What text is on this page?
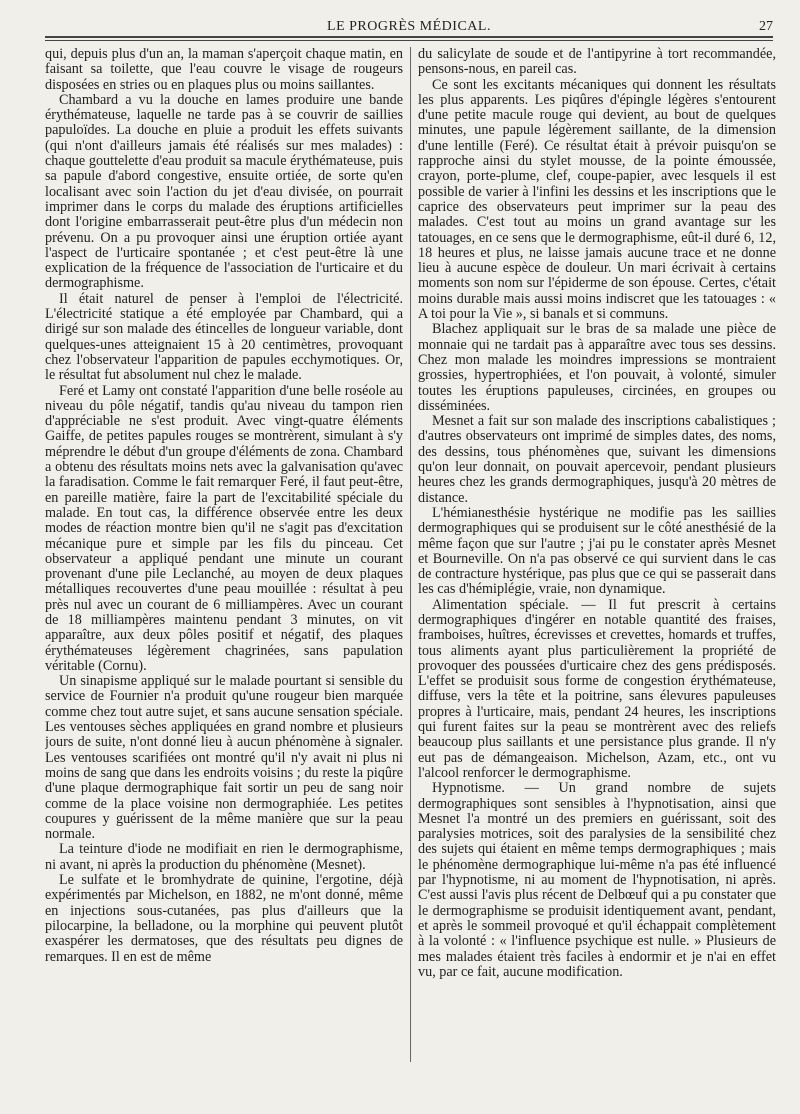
LE PROGRÈS MÉDICAL.	27

qui, depuis plus d'un an, la maman s'aperçoit chaque matin, en faisant sa toilette, que l'eau couvre le visage de rougeurs disposées en stries ou en plaques plus ou moins saillantes.

Chambard a vu la douche en lames produire une bande érythémateuse, laquelle ne tarde pas à se couvrir de saillies papuloïdes. La douche en pluie a produit les effets suivants (qui n'ont d'ailleurs jamais été réalisés sur mes malades) : chaque gouttelette d'eau produit sa macule érythémateuse, puis sa papule d'abord congestive, ensuite ortiée, de sorte qu'en localisant avec soin l'action du jet d'eau divisée, on pourrait imprimer dans le corps du malade des éruptions artificielles dont l'origine embarrasserait peut-être plus d'un médecin non prévenu. On a pu provoquer ainsi une éruption ortiée ayant l'aspect de l'urticaire spontanée ; et c'est peut-être là une explication de la fréquence de l'association de l'urticaire et du dermographisme.

Il était naturel de penser à l'emploi de l'électricité. L'électricité statique a été employée par Chambard, qui a dirigé sur son malade des étincelles de longueur variable, dont quelques-unes atteignaient 15 à 20 centimètres, provoquant chez l'observateur l'apparition de papules ecchymotiques. Or, le résultat fut absolument nul chez le malade.

Feré et Lamy ont constaté l'apparition d'une belle roséole au niveau du pôle négatif, tandis qu'au niveau du tampon rien d'appréciable ne s'est produit. Avec vingt-quatre éléments Gaiffe, de petites papules rouges se montrèrent, simulant à s'y méprendre le début d'un groupe d'éléments de zona. Chambard a obtenu des résultats moins nets avec la galvanisation qu'avec la faradisation. Comme le fait remarquer Feré, il faut peut-être, en pareille matière, faire la part de l'excitabilité spéciale du malade. En tout cas, la différence observée entre les deux modes de réaction montre bien qu'il ne s'agit pas d'excitation mécanique pure et simple par les fils du pinceau. Cet observateur a appliqué pendant une minute un courant provenant d'une pile Leclanché, au moyen de deux plaques métalliques recouvertes d'une peau mouillée : résultat à peu près nul avec un courant de 6 milliampères. Avec un courant de 18 milliampères maintenu pendant 3 minutes, on vit apparaître, aux deux pôles positif et négatif, des plaques érythémateuses légèrement chagrinées, sans papulation véritable (Cornu).

Un sinapisme appliqué sur le malade pourtant si sensible du service de Fournier n'a produit qu'une rougeur bien marquée comme chez tout autre sujet, et sans aucune sensation spéciale. Les ventouses sèches appliquées en grand nombre et plusieurs jours de suite, n'ont donné lieu à aucun phénomène à signaler. Les ventouses scarifiées ont montré qu'il n'y avait ni plus ni moins de sang que dans les endroits voisins ; du reste la piqûre d'une plaque dermographique fait sortir un peu de sang noir comme de la place voisine non dermographiée. Les petites coupures y guérissent de la même manière que sur la peau normale.

La teinture d'iode ne modifiait en rien le dermographisme, ni avant, ni après la production du phénomène (Mesnet).

Le sulfate et le bromhydrate de quinine, l'ergotine, déjà expérimentés par Michelson, en 1882, ne m'ont donné, même en injections sous-cutanées, pas plus d'ailleurs que la pilocarpine, la belladone, ou la morphine qui peuvent plutôt exaspérer les dermatoses, que des résultats peu dignes de remarques. Il en est de même

du salicylate de soude et de l'antipyrine à tort recommandée, pensons-nous, en pareil cas.

Ce sont les excitants mécaniques qui donnent les résultats les plus apparents. Les piqûres d'épingle légères s'entourent d'une petite macule rouge qui devient, au bout de quelques minutes, une papule légèrement saillante, de la dimension d'une lentille (Feré). Ce résultat était à prévoir puisqu'on se rapproche ainsi du stylet mousse, de la pointe émoussée, crayon, porte-plume, clef, coupe-papier, avec lesquels il est possible de varier à l'infini les dessins et les inscriptions que le caprice des observateurs peut imprimer sur la peau des malades. C'est tout au moins un grand avantage sur les tatouages, en ce sens que le dermographisme, eût-il duré 6, 12, 18 heures et plus, ne laisse jamais aucune trace et ne donne lieu à aucune espèce de douleur. Un mari écrivait à certains moments son nom sur l'épiderme de son épouse. Certes, c'était moins durable mais aussi moins indiscret que les tatouages : « A toi pour la Vie », si banals et si communs.

Blachez appliquait sur le bras de sa malade une pièce de monnaie qui ne tardait pas à apparaître avec tous ses dessins. Chez mon malade les moindres impressions se montraient grossies, hypertrophiées, et l'on pouvait, à volonté, simuler toutes les éruptions papuleuses, circinées, en groupes ou disséminées.

Mesnet a fait sur son malade des inscriptions cabalistiques ; d'autres observateurs ont imprimé de simples dates, des noms, des dessins, tous phénomènes que, suivant les dimensions qu'on leur donnait, on pouvait apercevoir, pendant plusieurs heures chez les grands dermographiques, jusqu'à 20 mètres de distance.

L'hémianesthésie hystérique ne modifie pas les saillies dermographiques qui se produisent sur le côté anesthésié de la même façon que sur l'autre ; j'ai pu le constater après Mesnet et Bourneville. On n'a pas observé ce qui survient dans le cas de contracture hystérique, pas plus que ce qui se passerait dans les cas d'hémiplégie, vraie, non dynamique.

Alimentation spéciale. — Il fut prescrit à certains dermographiques d'ingérer en notable quantité des fraises, framboises, huîtres, écrevisses et crevettes, homards et truffes, tous aliments ayant plus particulièrement la propriété de provoquer des poussées d'urticaire chez des gens prédisposés. L'effet se produisit sous forme de congestion érythémateuse, diffuse, vers la tête et la poitrine, sans élevures papuleuses propres à l'urticaire, mais, pendant 24 heures, les inscriptions qui furent faites sur la peau se montrèrent avec des reliefs beaucoup plus saillants et une persistance plus grande. Il n'y eut pas de démangeaison. Michelson, Azam, etc., ont vu l'alcool renforcer le dermographisme.

Hypnotisme. — Un grand nombre de sujets dermographiques sont sensibles à l'hypnotisation, ainsi que Mesnet l'a montré un des premiers en guérissant, soit des paralysies motrices, soit des paralysies de la sensibilité chez des sujets qui étaient en même temps dermographiques ; mais le phénomène dermographique lui-même n'a pas été influencé par l'hypnotisme, ni au moment de l'hypnotisation, ni après. C'est aussi l'avis plus récent de Delbœuf qui a pu constater que le dermographisme se produisit identiquement avant, pendant, et après le sommeil provoqué et qu'il échappait complètement à la volonté : « l'influence psychique est nulle. » Plusieurs de mes malades étaient très faciles à endormir et je n'ai en effet vu, par ce fait, aucune modification.
